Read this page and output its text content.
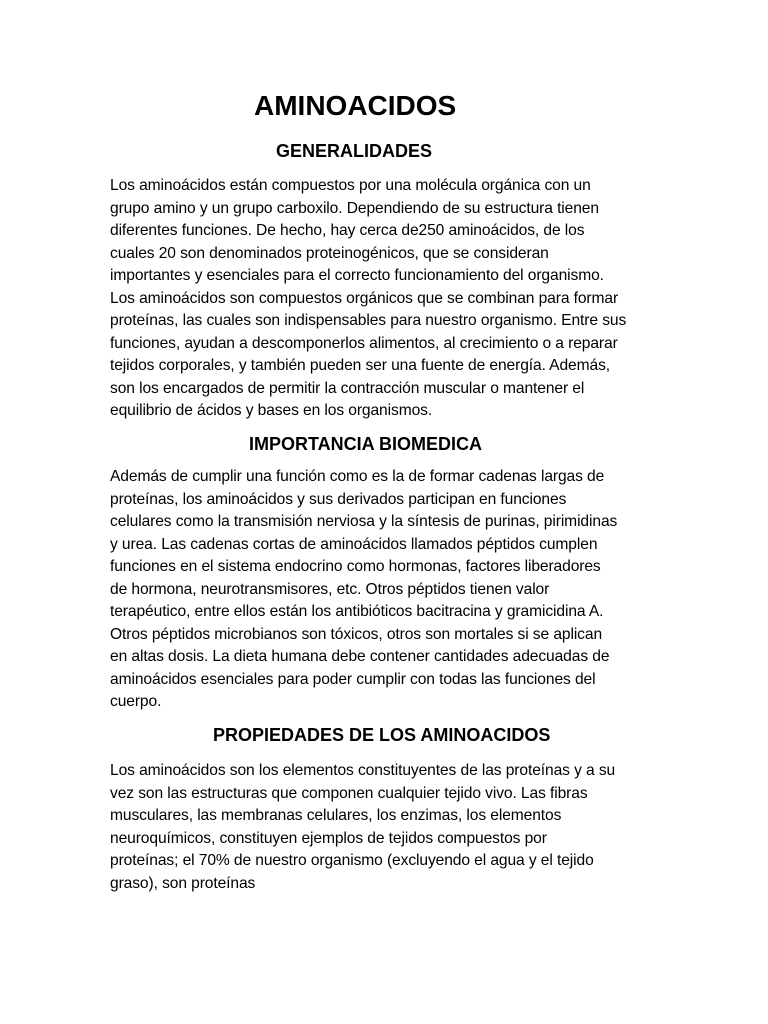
AMINOACIDOS
GENERALIDADES
Los aminoácidos están compuestos por una molécula orgánica con un
grupo amino y un grupo carboxilo. Dependiendo de su estructura tienen
diferentes funciones. De hecho, hay cerca de250 aminoácidos, de los
cuales 20 son denominados proteinogénicos, que se consideran
importantes y esenciales para el correcto funcionamiento del organismo.
Los aminoácidos son compuestos orgánicos que se combinan para formar
proteínas, las cuales son indispensables para nuestro organismo. Entre sus
funciones, ayudan a descomponerlos alimentos, al crecimiento o a reparar
tejidos corporales, y también pueden ser una fuente de energía. Además,
son los encargados de permitir la contracción muscular o mantener el
equilibrio de ácidos y bases en los organismos.
IMPORTANCIA BIOMEDICA
Además de cumplir una función como es la de formar cadenas largas de
proteínas, los aminoácidos y sus derivados participan en funciones
celulares como la transmisión nerviosa y la síntesis de purinas, pirimidinas
y urea. Las cadenas cortas de aminoácidos llamados péptidos cumplen
funciones en el sistema endocrino como hormonas, factores liberadores
de hormona, neurotransmisores, etc. Otros péptidos tienen valor
terapéutico, entre ellos están los antibióticos bacitracina y gramicidina A.
Otros péptidos microbianos son tóxicos, otros son mortales si se aplican
en altas dosis. La dieta humana debe contener cantidades adecuadas de
aminoácidos esenciales para poder cumplir con todas las funciones del
cuerpo.
PROPIEDADES DE LOS AMINOACIDOS
Los aminoácidos son los elementos constituyentes de las proteínas y a su
vez son las estructuras que componen cualquier tejido vivo. Las fibras
musculares, las membranas celulares, los enzimas, los elementos
neuroquímicos, constituyen ejemplos de tejidos compuestos por
proteínas; el 70% de nuestro organismo (excluyendo el agua y el tejido
graso), son proteínas
